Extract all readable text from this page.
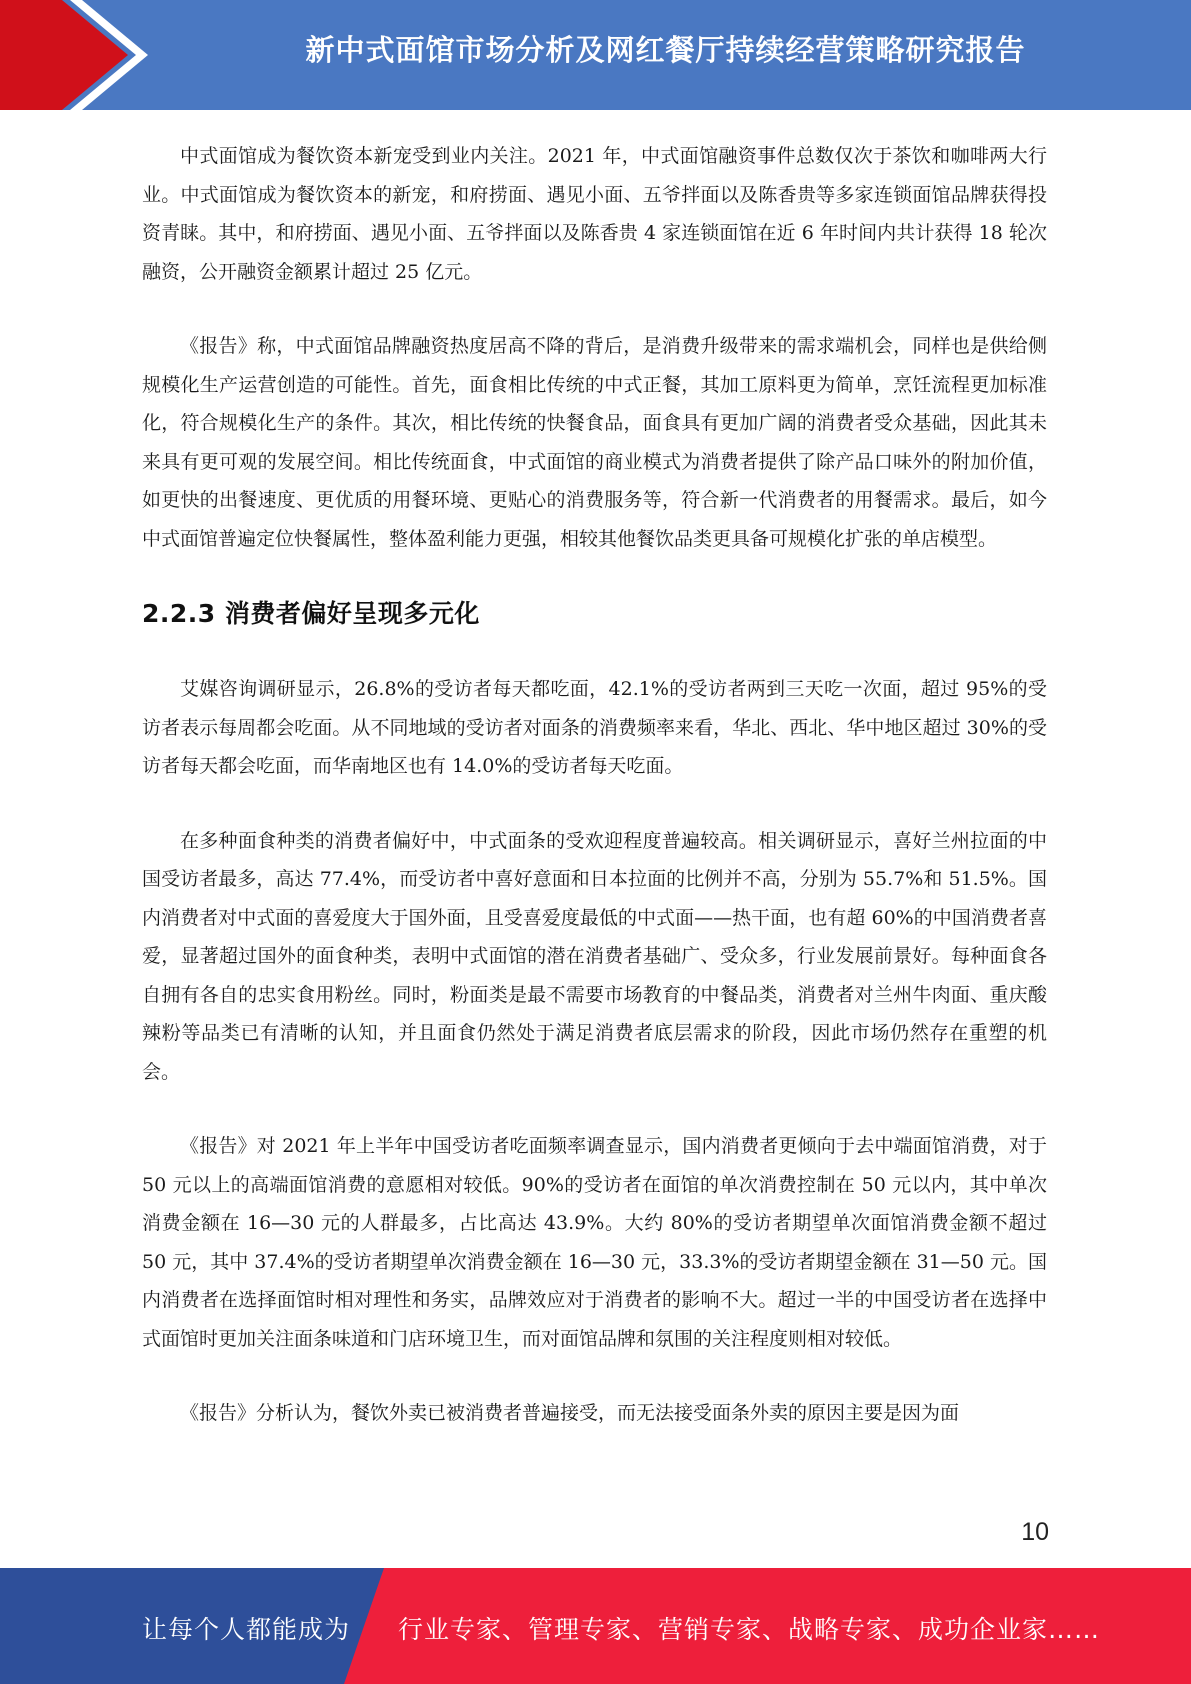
新中式面馆市场分析及网红餐厅持续经营策略研究报告

中式面馆成为餐饮资本新宠受到业内关注。2021 年，中式面馆融资事件总数仅次于茶饮和咖啡两大行业。中式面馆成为餐饮资本的新宠，和府捞面、遇见小面、五爷拌面以及陈香贵等多家连锁面馆品牌获得投资青睐。其中，和府捞面、遇见小面、五爷拌面以及陈香贵 4 家连锁面馆在近 6 年时间内共计获得 18 轮次融资，公开融资金额累计超过 25 亿元。

《报告》称，中式面馆品牌融资热度居高不降的背后，是消费升级带来的需求端机会，同样也是供给侧规模化生产运营创造的可能性。首先，面食相比传统的中式正餐，其加工原料更为简单，烹饪流程更加标准化，符合规模化生产的条件。其次，相比传统的快餐食品，面食具有更加广阔的消费者受众基础，因此其未来具有更可观的发展空间。相比传统面食，中式面馆的商业模式为消费者提供了除产品口味外的附加价值，如更快的出餐速度、更优质的用餐环境、更贴心的消费服务等，符合新一代消费者的用餐需求。最后，如今中式面馆普遍定位快餐属性，整体盈利能力更强，相较其他餐饮品类更具备可规模化扩张的单店模型。

2.2.3 消费者偏好呈现多元化

艾媒咨询调研显示，26.8%的受访者每天都吃面，42.1%的受访者两到三天吃一次面，超过 95%的受访者表示每周都会吃面。从不同地域的受访者对面条的消费频率来看，华北、西北、华中地区超过 30%的受访者每天都会吃面，而华南地区也有 14.0%的受访者每天吃面。

在多种面食种类的消费者偏好中，中式面条的受欢迎程度普遍较高。相关调研显示，喜好兰州拉面的中国受访者最多，高达 77.4%，而受访者中喜好意面和日本拉面的比例并不高，分别为 55.7%和 51.5%。国内消费者对中式面的喜爱度大于国外面，且受喜爱度最低的中式面——热干面，也有超 60%的中国消费者喜爱，显著超过国外的面食种类，表明中式面馆的潜在消费者基础广、受众多，行业发展前景好。每种面食各自拥有各自的忠实食用粉丝。同时，粉面类是最不需要市场教育的中餐品类，消费者对兰州牛肉面、重庆酸辣粉等品类已有清晰的认知，并且面食仍然处于满足消费者底层需求的阶段，因此市场仍然存在重塑的机会。

《报告》对 2021 年上半年中国受访者吃面频率调查显示，国内消费者更倾向于去中端面馆消费，对于 50 元以上的高端面馆消费的意愿相对较低。90%的受访者在面馆的单次消费控制在 50 元以内，其中单次消费金额在 16—30 元的人群最多，占比高达 43.9%。大约 80%的受访者期望单次面馆消费金额不超过 50 元，其中 37.4%的受访者期望单次消费金额在 16—30 元，33.3%的受访者期望金额在 31—50 元。国内消费者在选择面馆时相对理性和务实，品牌效应对于消费者的影响不大。超过一半的中国受访者在选择中式面馆时更加关注面条味道和门店环境卫生，而对面馆品牌和氛围的关注程度则相对较低。

《报告》分析认为，餐饮外卖已被消费者普遍接受，而无法接受面条外卖的原因主要是因为面

10
让每个人都能成为 行业专家、管理专家、营销专家、战略专家、成功企业家……
